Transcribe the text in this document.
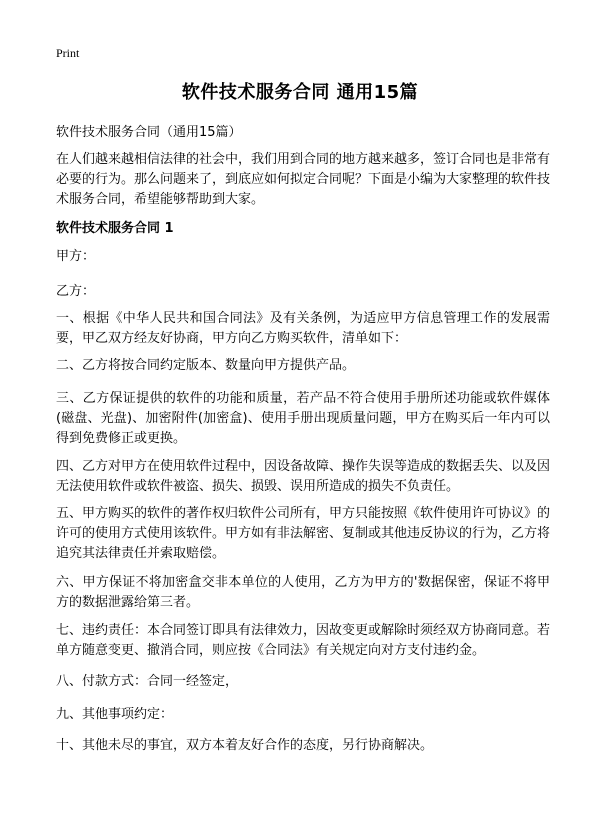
Print
软件技术服务合同 通用15篇
软件技术服务合同（通用15篇）
在人们越来越相信法律的社会中，我们用到合同的地方越来越多，签订合同也是非常有必要的行为。那么问题来了，到底应如何拟定合同呢？下面是小编为大家整理的软件技术服务合同，希望能够帮助到大家。
软件技术服务合同 1
甲方：
乙方：
一、根据《中华人民共和国合同法》及有关条例，为适应甲方信息管理工作的发展需要，甲乙双方经友好协商，甲方向乙方购买软件，清单如下：
二、乙方将按合同约定版本、数量向甲方提供产品。
三、乙方保证提供的软件的功能和质量，若产品不符合使用手册所述功能或软件媒体(磁盘、光盘)、加密附件(加密盒)、使用手册出现质量问题，甲方在购买后一年内可以得到免费修正或更换。
四、乙方对甲方在使用软件过程中，因设备故障、操作失误等造成的数据丢失、以及因无法使用软件或软件被盗、损失、损毁、误用所造成的损失不负责任。
五、甲方购买的软件的著作权归软件公司所有，甲方只能按照《软件使用许可协议》的许可的使用方式使用该软件。甲方如有非法解密、复制或其他违反协议的行为，乙方将追究其法律责任并索取赔偿。
六、甲方保证不将加密盒交非本单位的人使用，乙方为甲方的'数据保密，保证不将甲方的数据泄露给第三者。
七、违约责任：本合同签订即具有法律效力，因故变更或解除时须经双方协商同意。若单方随意变更、撤消合同，则应按《合同法》有关规定向对方支付违约金。
八、付款方式：合同一经签定，
九、其他事项约定：
十、其他未尽的事宜，双方本着友好合作的态度，另行协商解决。
